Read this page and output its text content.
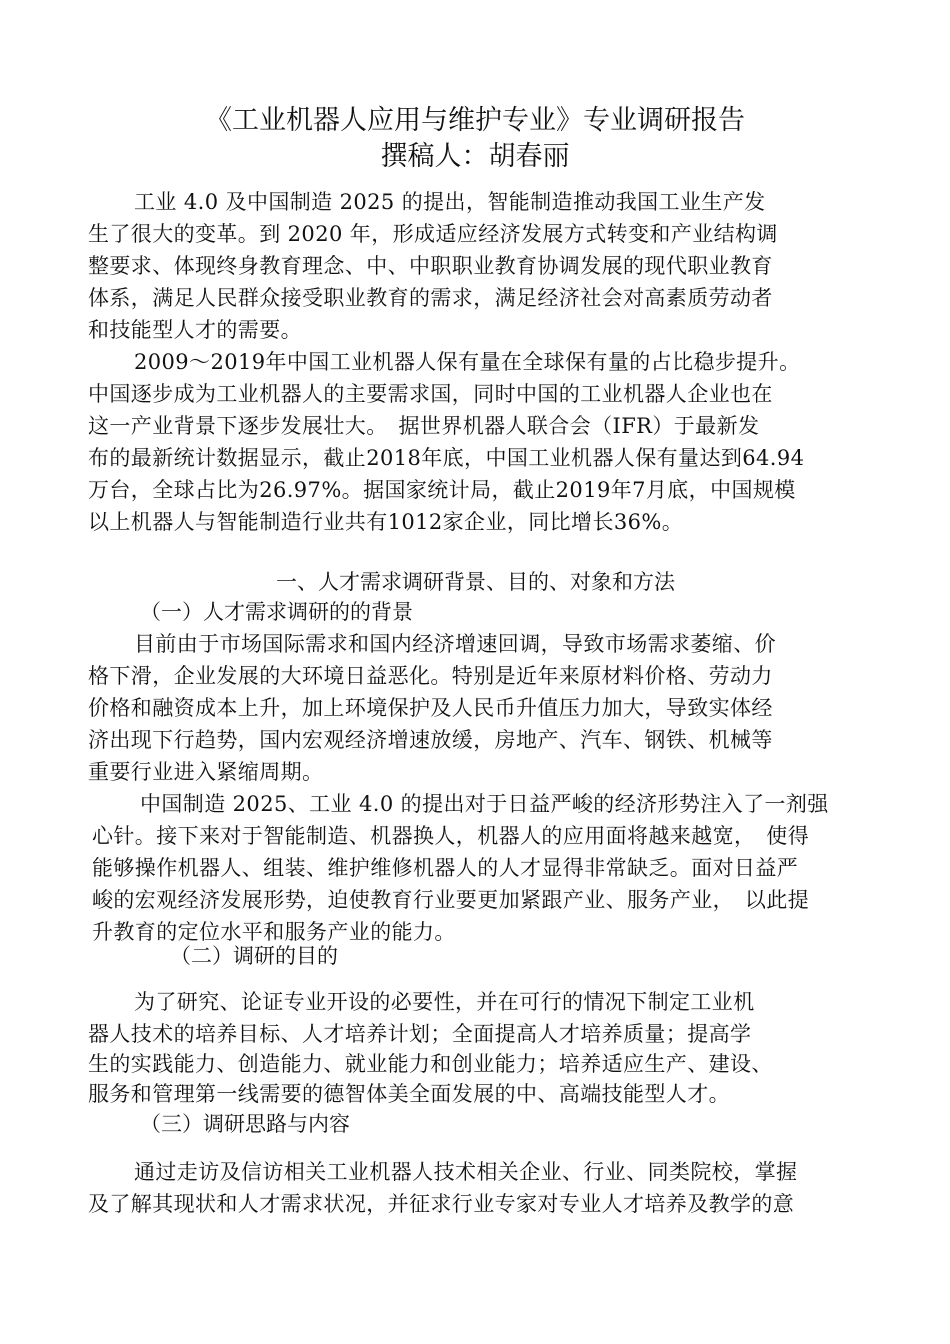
《工业机器人应用与维护专业》专业调研报告
撰稿人：胡春丽
工业 4.0 及中国制造 2025 的提出，智能制造推动我国工业生产发
生了很大的变革。到 2020 年，形成适应经济发展方式转变和产业结构调
整要求、体现终身教育理念、中、中职职业教育协调发展的现代职业教育
体系，满足人民群众接受职业教育的需求，满足经济社会对高素质劳动者
和技能型人才的需要。
2009～2019年中国工业机器人保有量在全球保有量的占比稳步提升。
中国逐步成为工业机器人的主要需求国，同时中国的工业机器人企业也在
这一产业背景下逐步发展壮大。　据世界机器人联合会（IFR）于最新发
布的最新统计数据显示，截止2018年底，中国工业机器人保有量达到64.94
万台，全球占比为26.97%。据国家统计局，截止2019年7月底，中国规模
以上机器人与智能制造行业共有1012家企业，同比增长36%。
一、人才需求调研背景、目的、对象和方法
（一）人才需求调研的的背景
目前由于市场国际需求和国内经济增速回调，导致市场需求萎缩、价
格下滑，企业发展的大环境日益恶化。特别是近年来原材料价格、劳动力
价格和融资成本上升，加上环境保护及人民币升值压力加大，导致实体经
济出现下行趋势，国内宏观经济增速放缓，房地产、汽车、钢铁、机械等
重要行业进入紧缩周期。
中国制造 2025、工业 4.0 的提出对于日益严峻的经济形势注入了一剂强
心针。接下来对于智能制造、机器换人，机器人的应用面将越来越宽，　使得
能够操作机器人、组装、维护维修机器人的人才显得非常缺乏。面对日益严
峻的宏观经济发展形势，迫使教育行业要更加紧跟产业、服务产业，　以此提
升教育的定位水平和服务产业的能力。
（二）调研的目的
为了研究、论证专业开设的必要性，并在可行的情况下制定工业机
器人技术的培养目标、人才培养计划；全面提高人才培养质量；提高学
生的实践能力、创造能力、就业能力和创业能力；培养适应生产、建设、
服务和管理第一线需要的德智体美全面发展的中、高端技能型人才。
（三）调研思路与内容
通过走访及信访相关工业机器人技术相关企业、行业、同类院校，掌握
及了解其现状和人才需求状况，并征求行业专家对专业人才培养及教学的意
